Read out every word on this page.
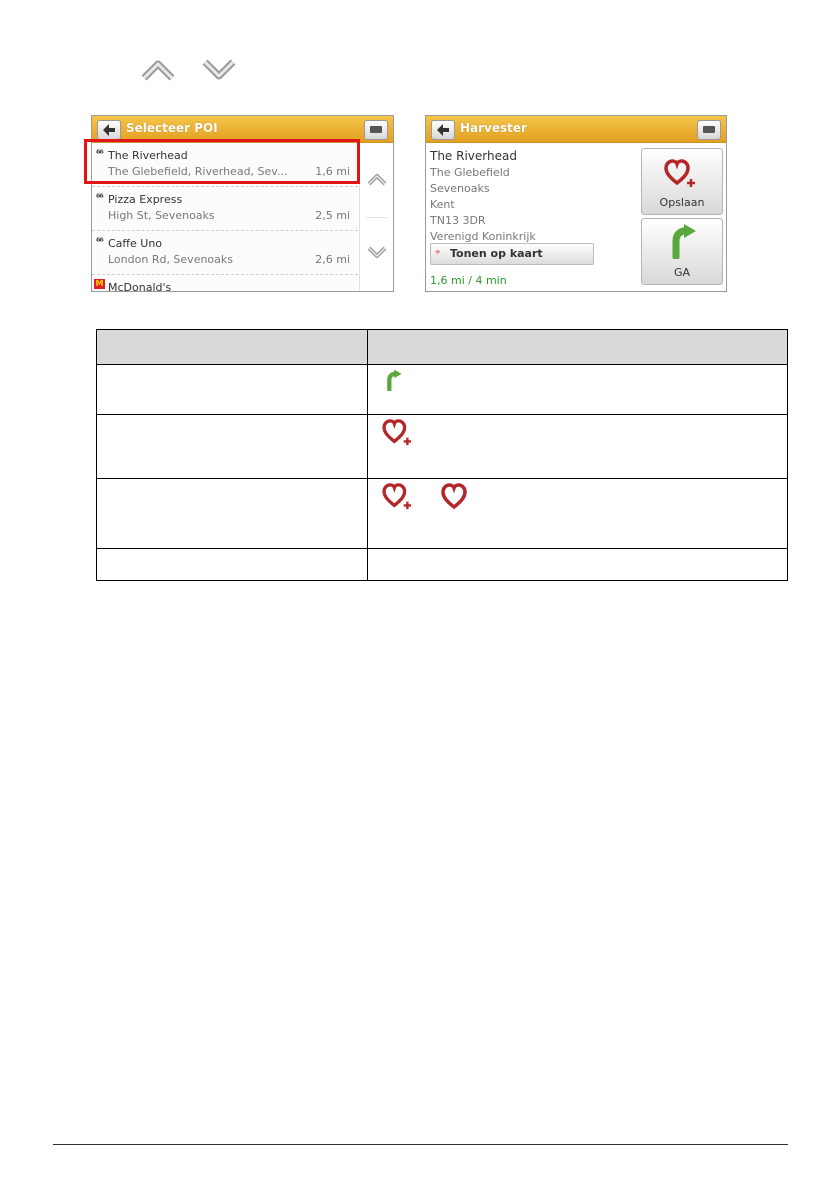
Selecteer POI
ᵟᵟ The Riverhead
The Glebefield, Riverhead, Sev...	1,6 mi
ᵟᵟ Pizza Express
High St, Sevenoaks	2,5 mi
ᵟᵟ Caffe Uno
London Rd, Sevenoaks	2,6 mi
M McDonald's
Harvester
The Riverhead
The Glebefield
Sevenoaks
Kent
TN13 3DR
Verenigd Koninkrijk
⌖ Tonen op kaart
1,6 mi / 4 min
Opslaan
GA
